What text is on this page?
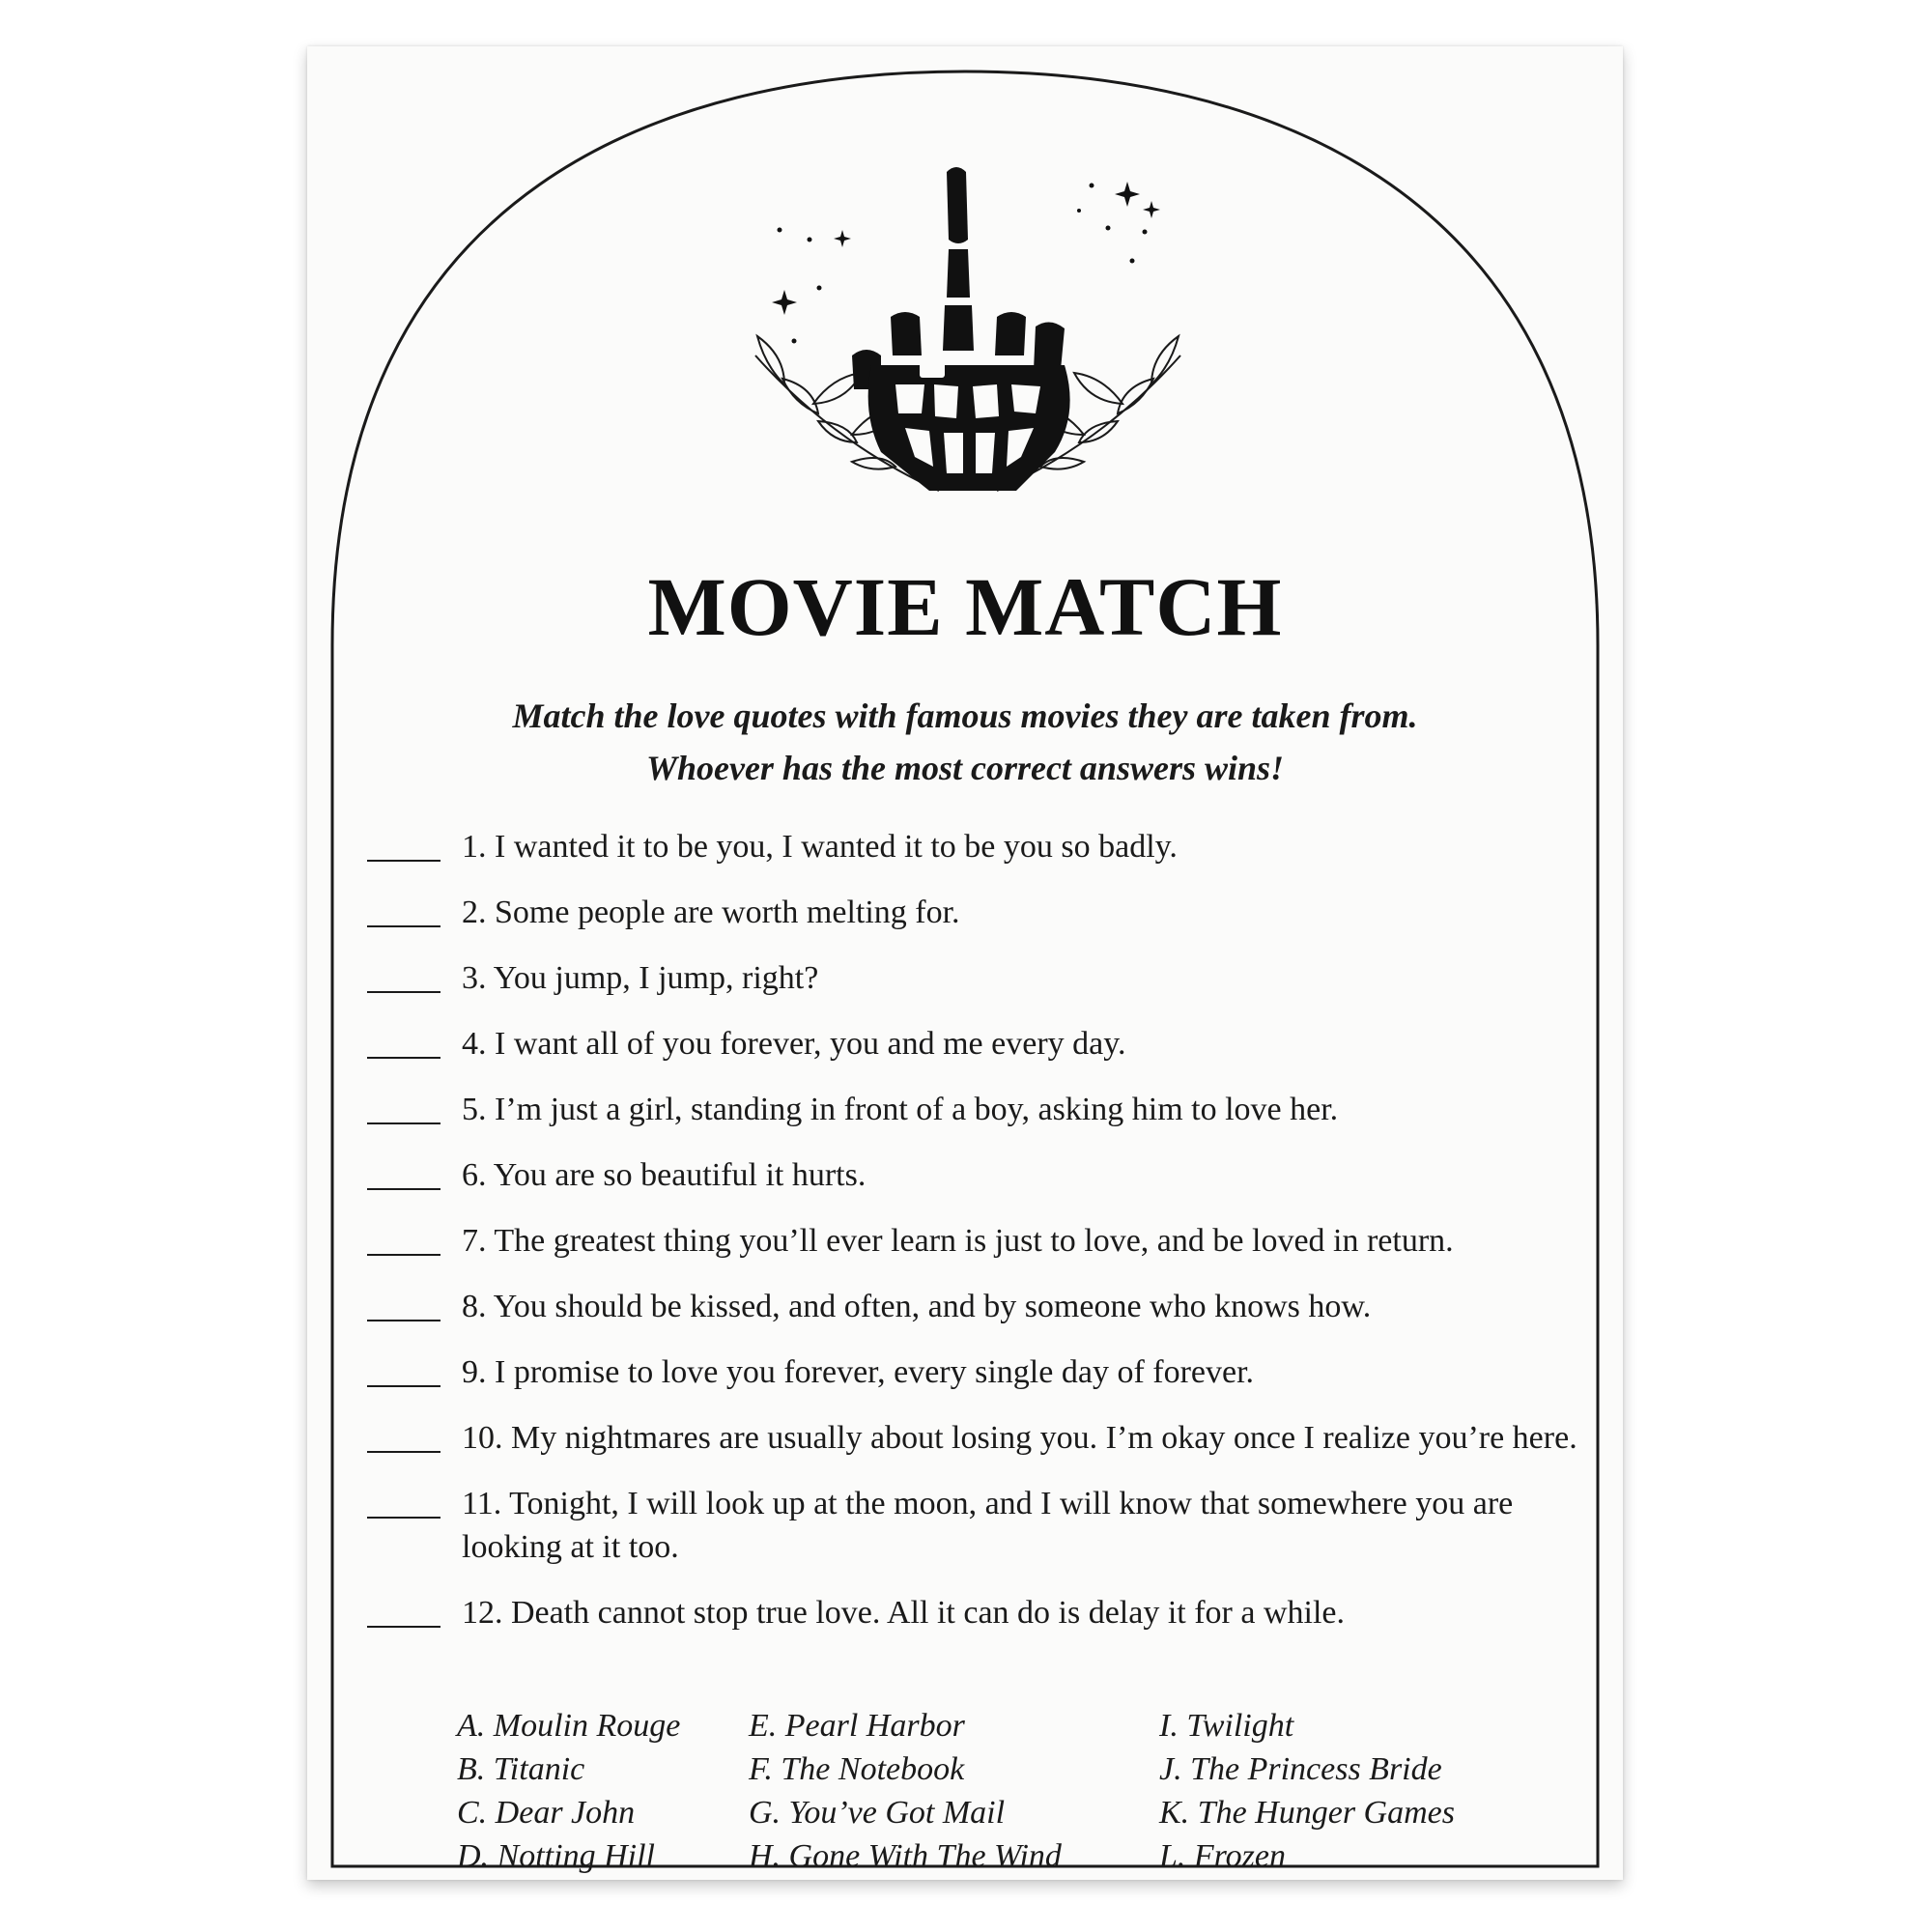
MOVIE MATCH
Match the love quotes with famous movies they are taken from.
Whoever has the most correct answers wins!
1. I wanted it to be you, I wanted it to be you so badly.
2. Some people are worth melting for.
3. You jump, I jump, right?
4. I want all of you forever, you and me every day.
5. I’m just a girl, standing in front of a boy, asking him to love her.
6. You are so beautiful it hurts.
7. The greatest thing you’ll ever learn is just to love, and be loved in return.
8. You should be kissed, and often, and by someone who knows how.
9. I promise to love you forever, every single day of forever.
10. My nightmares are usually about losing you. I’m okay once I realize you’re here.
11. Tonight, I will look up at the moon, and I will know that somewhere you are looking at it too.
12. Death cannot stop true love. All it can do is delay it for a while.
A. Moulin Rouge
B. Titanic
C. Dear John
D. Notting Hill
E. Pearl Harbor
F. The Notebook
G. You’ve Got Mail
H. Gone With The Wind
I. Twilight
J. The Princess Bride
K. The Hunger Games
L. Frozen
